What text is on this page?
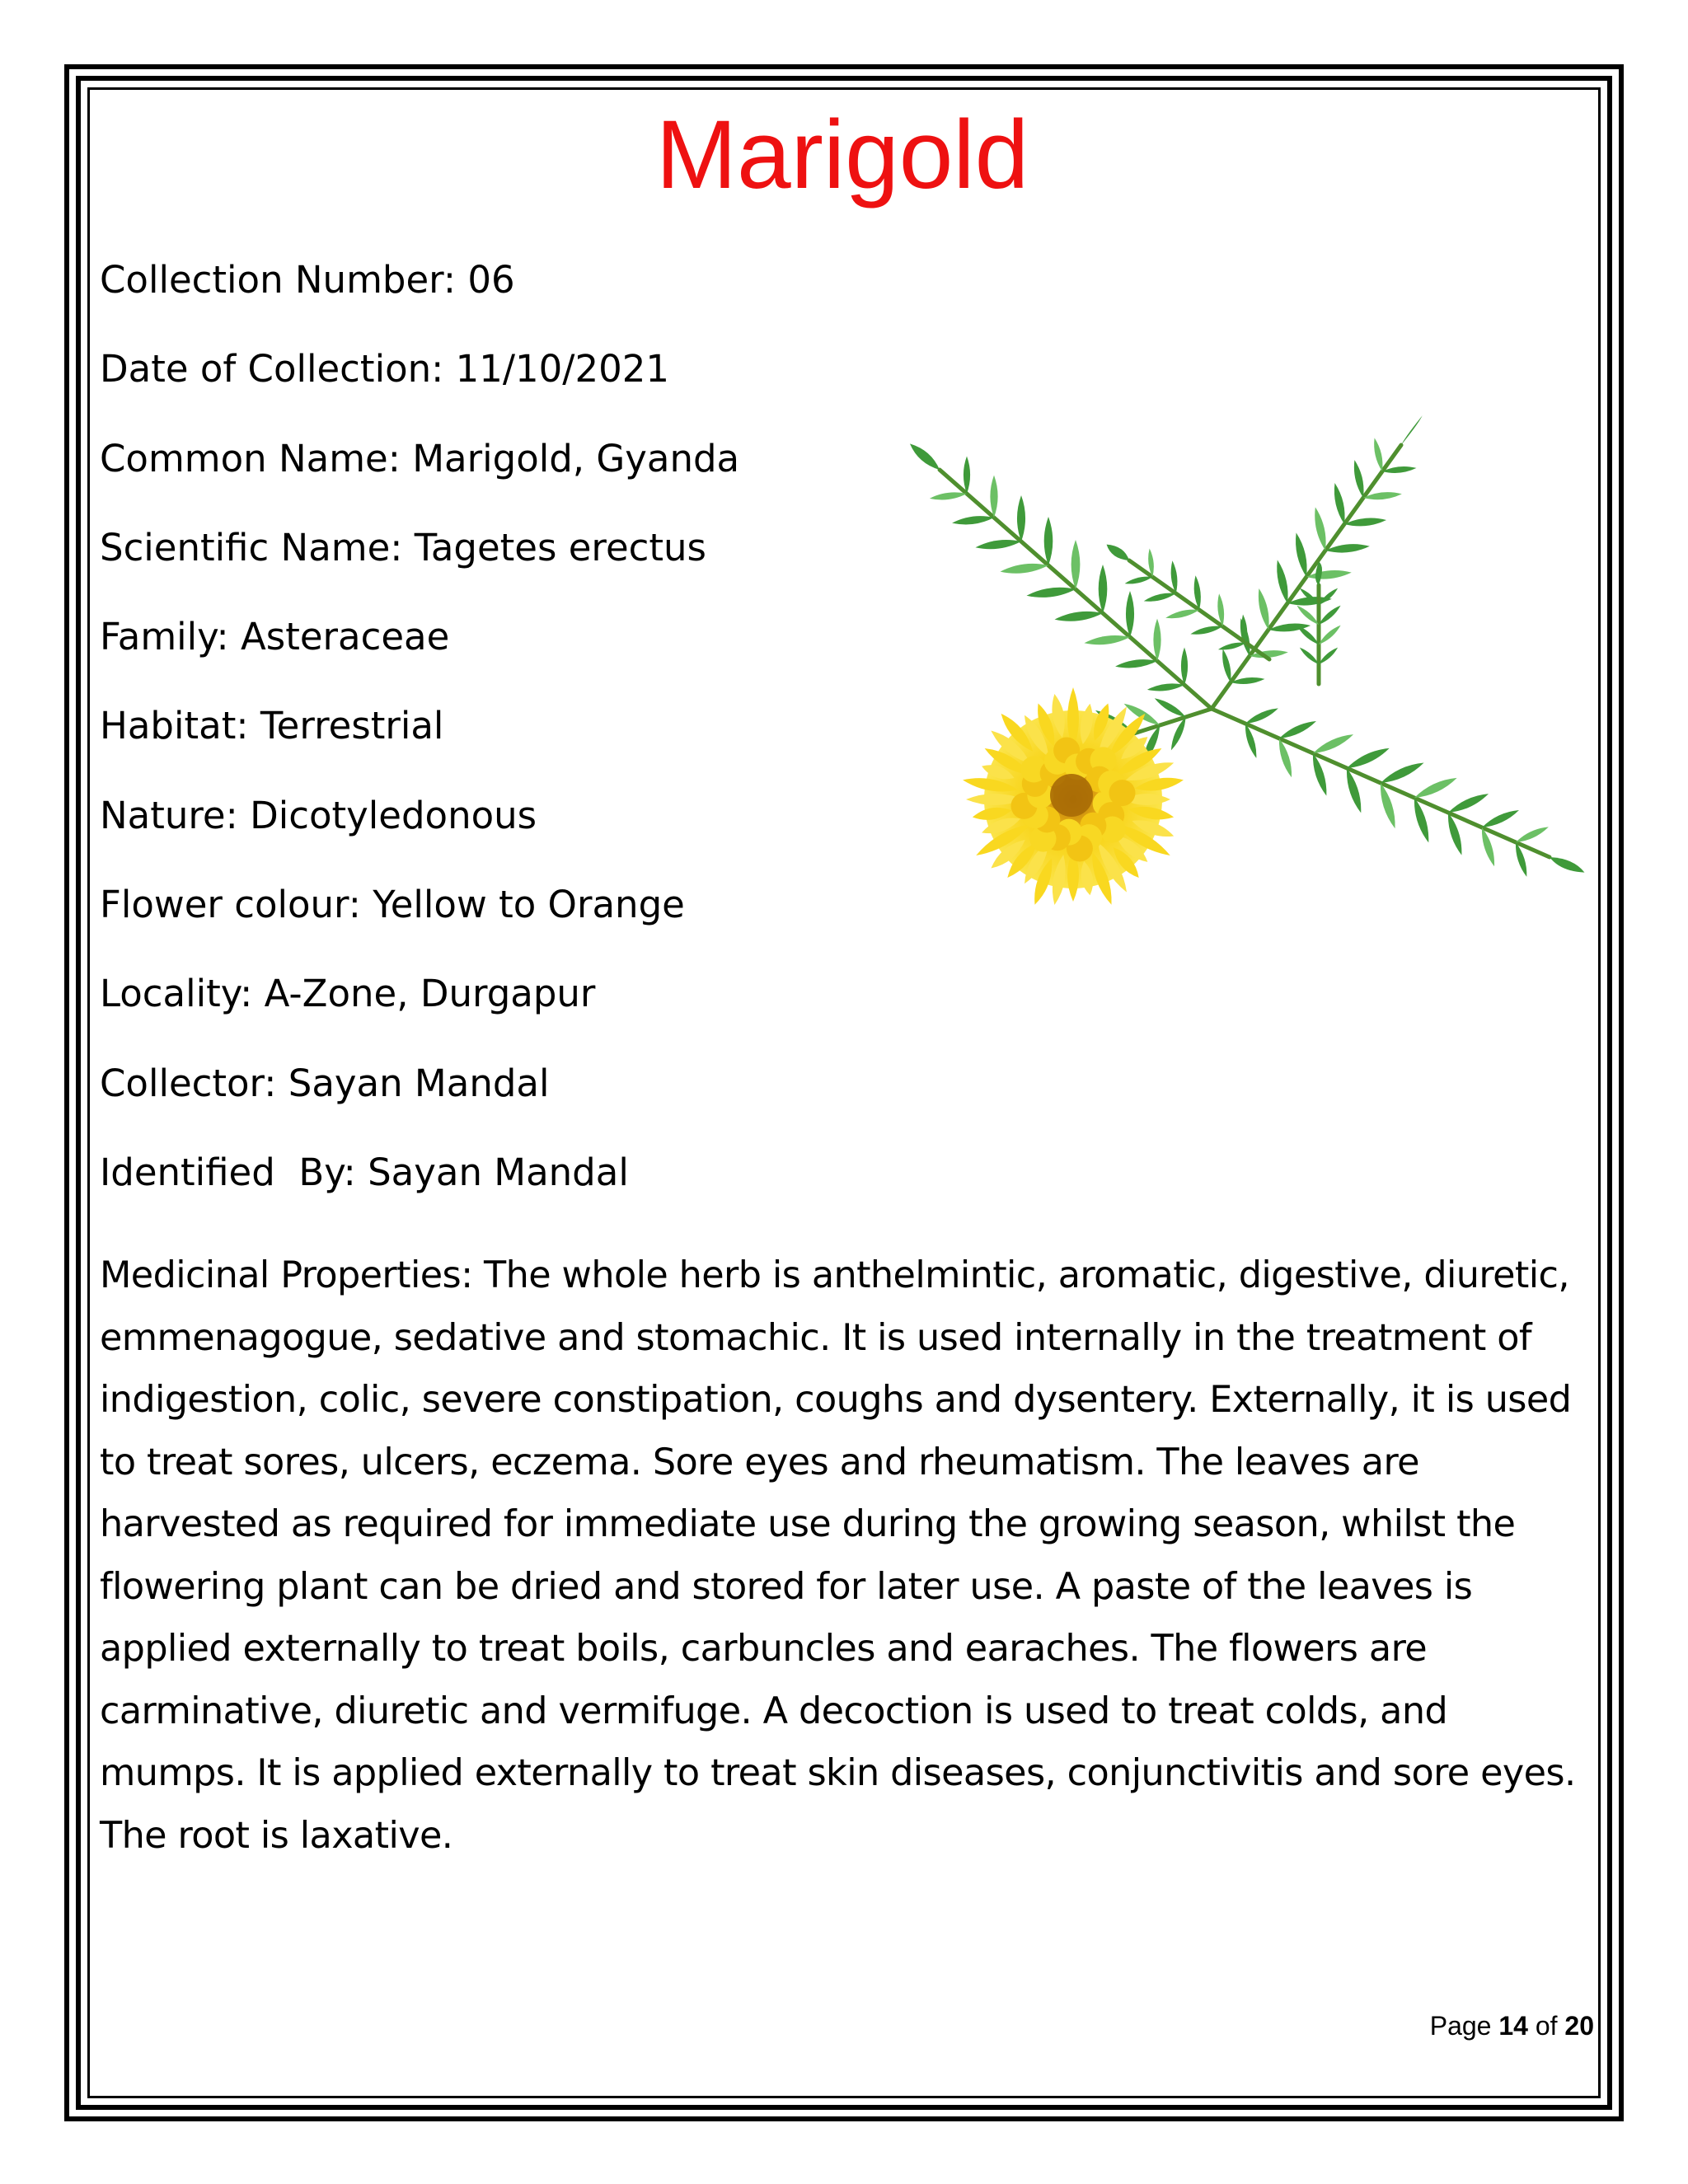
Marigold
Collection Number: 06
Date of Collection: 11/10/2021
Common Name: Marigold, Gyanda
Scientific Name: Tagetes erectus
Family: Asteraceae
Habitat: Terrestrial
Nature: Dicotyledonous
Flower colour: Yellow to Orange
Locality: A-Zone, Durgapur
Collector: Sayan Mandal
Identified  By: Sayan Mandal

Medicinal Properties: The whole herb is anthelmintic, aromatic, digestive, diuretic, emmenagogue, sedative and stomachic. It is used internally in the treatment of indigestion, colic, severe constipation, coughs and dysentery. Externally, it is used to treat sores, ulcers, eczema. Sore eyes and rheumatism. The leaves are harvested as required for immediate use during the growing season, whilst the flowering plant can be dried and stored for later use. A paste of the leaves is applied externally to treat boils, carbuncles and earaches. The flowers are carminative, diuretic and vermifuge. A decoction is used to treat colds, and mumps. It is applied externally to treat skin diseases, conjunctivitis and sore eyes. The root is laxative.

Page 14 of 20
